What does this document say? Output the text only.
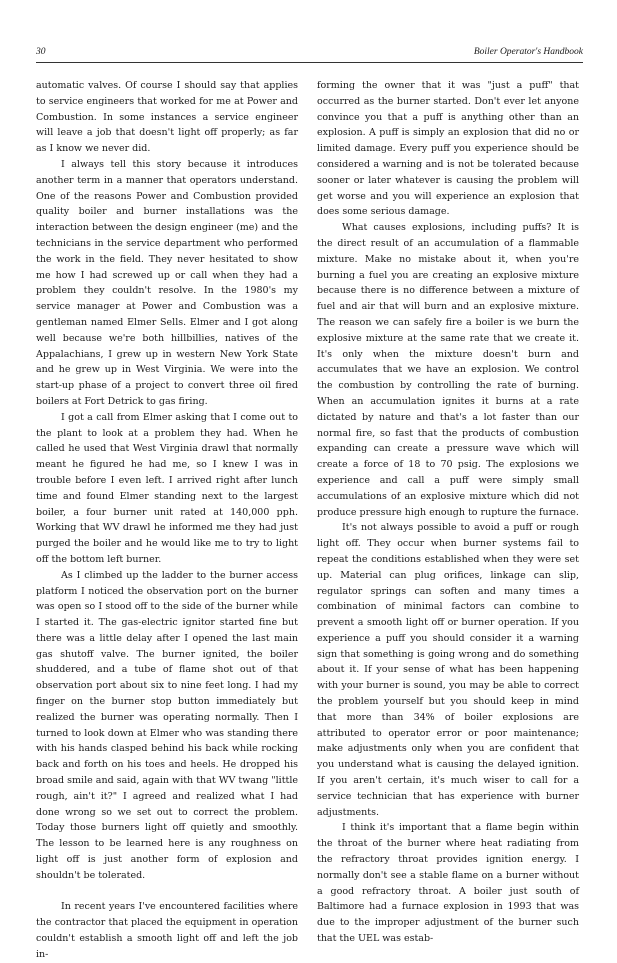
30	Boiler Operator's Handbook

automatic valves. Of course I should say that applies to service engineers that worked for me at Power and Combustion. In some instances a service engineer will leave a job that doesn't light off properly; as far as I know we never did.

I always tell this story because it introduces another term in a manner that operators understand. One of the reasons Power and Combustion provided quality boiler and burner installations was the interaction between the design engineer (me) and the technicians in the service department who performed the work in the field. They never hesitated to show me how I had screwed up or call when they had a problem they couldn't resolve. In the 1980's my service manager at Power and Combustion was a gentleman named Elmer Sells. Elmer and I got along well because we're both hillbillies, natives of the Appalachians, I grew up in western New York State and he grew up in West Virginia. We were into the start-up phase of a project to convert three oil fired boilers at Fort Detrick to gas firing.

I got a call from Elmer asking that I come out to the plant to look at a problem they had. When he called he used that West Virginia drawl that normally meant he figured he had me, so I knew I was in trouble before I even left. I arrived right after lunch time and found Elmer standing next to the largest boiler, a four burner unit rated at 140,000 pph. Working that WV drawl he informed me they had just purged the boiler and he would like me to try to light off the bottom left burner.

As I climbed up the ladder to the burner access platform I noticed the observation port on the burner was open so I stood off to the side of the burner while I started it. The gas-electric ignitor started fine but there was a little delay after I opened the last main gas shutoff valve. The burner ignited, the boiler shuddered, and a tube of flame shot out of that observation port about six to nine feet long. I had my finger on the burner stop button immediately but realized the burner was operating normally. Then I turned to look down at Elmer who was standing there with his hands clasped behind his back while rocking back and forth on his toes and heels. He dropped his broad smile and said, again with that WV twang "little rough, ain't it?" I agreed and realized what I had done wrong so we set out to correct the problem. Today those burners light off quietly and smoothly. The lesson to be learned here is any roughness on light off is just another form of explosion and shouldn't be tolerated.

In recent years I've encountered facilities where the contractor that placed the equipment in operation couldn't establish a smooth light off and left the job in-

forming the owner that it was "just a puff" that occurred as the burner started. Don't ever let anyone convince you that a puff is anything other than an explosion. A puff is simply an explosion that did no or limited damage. Every puff you experience should be considered a warning and is not be tolerated because sooner or later whatever is causing the problem will get worse and you will experience an explosion that does some serious damage.

What causes explosions, including puffs? It is the direct result of an accumulation of a flammable mixture. Make no mistake about it, when you're burning a fuel you are creating an explosive mixture because there is no difference between a mixture of fuel and air that will burn and an explosive mixture. The reason we can safely fire a boiler is we burn the explosive mixture at the same rate that we create it. It's only when the mixture doesn't burn and accumulates that we have an explosion. We control the combustion by controlling the rate of burning. When an accumulation ignites it burns at a rate dictated by nature and that's a lot faster than our normal fire, so fast that the products of combustion expanding can create a pressure wave which will create a force of 18 to 70 psig. The explosions we experience and call a puff were simply small accumulations of an explosive mixture which did not produce pressure high enough to rupture the furnace.

It's not always possible to avoid a puff or rough light off. They occur when burner systems fail to repeat the conditions established when they were set up. Material can plug orifices, linkage can slip, regulator springs can soften and many times a combination of minimal factors can combine to prevent a smooth light off or burner operation. If you experience a puff you should consider it a warning sign that something is going wrong and do something about it. If your sense of what has been happening with your burner is sound, you may be able to correct the problem yourself but you should keep in mind that more than 34% of boiler explosions are attributed to operator error or poor maintenance; make adjustments only when you are confident that you understand what is causing the delayed ignition. If you aren't certain, it's much wiser to call for a service technician that has experience with burner adjustments.

I think it's important that a flame begin within the throat of the burner where heat radiating from the refractory throat provides ignition energy. I normally don't see a stable flame on a burner without a good refractory throat. A boiler just south of Baltimore had a furnace explosion in 1993 that was due to the improper adjustment of the burner such that the UEL was estab-
